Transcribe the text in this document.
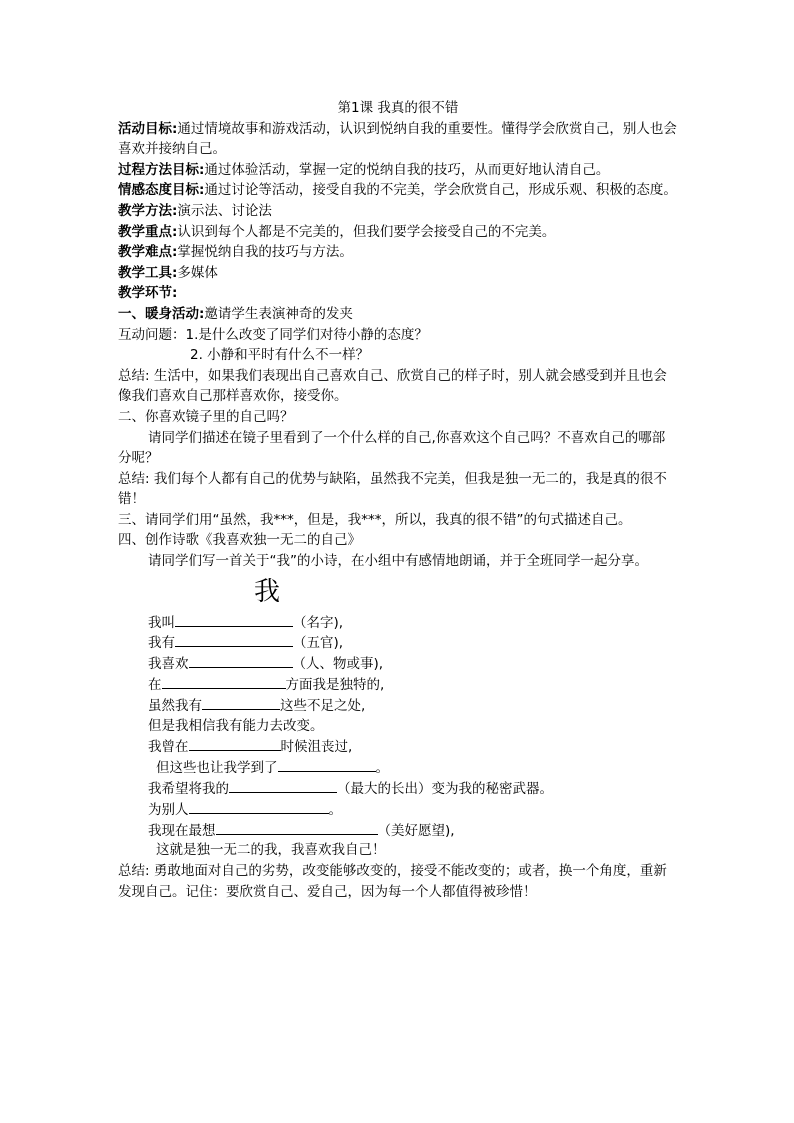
第1课 我真的很不错
活动目标:通过情境故事和游戏活动，认识到悦纳自我的重要性。懂得学会欣赏自己，别人也会喜欢并接纳自己。
过程方法目标:通过体验活动，掌握一定的悦纳自我的技巧，从而更好地认清自己。
情感态度目标:通过讨论等活动，接受自我的不完美，学会欣赏自己，形成乐观、积极的态度。
教学方法:演示法、讨论法
教学重点:认识到每个人都是不完美的，但我们要学会接受自己的不完美。
教学难点:掌握悦纳自我的技巧与方法。
教学工具:多媒体
教学环节:
一、暖身活动:邀请学生表演神奇的发夹
互动问题：1.是什么改变了同学们对待小静的态度？
2. 小静和平时有什么不一样？
总结: 生活中，如果我们表现出自己喜欢自己、欣赏自己的样子时，别人就会感受到并且也会像我们喜欢自己那样喜欢你，接受你。
二、你喜欢镜子里的自己吗？
请同学们描述在镜子里看到了一个什么样的自己,你喜欢这个自己吗？不喜欢自己的哪部分呢？
总结: 我们每个人都有自己的优势与缺陷，虽然我不完美，但我是独一无二的，我是真的很不错！
三、请同学们用“虽然，我***，但是，我***，所以，我真的很不错”的句式描述自己。
四、创作诗歌《我喜欢独一无二的自己》
请同学们写一首关于“我”的小诗，在小组中有感情地朗诵，并于全班同学一起分享。
我
我叫	（名字),
我有	（五官),
我喜欢	（人、物或事),
在	方面我是独特的,
虽然我有	这些不足之处,
但是我相信我有能力去改变。
我曾在	时候沮丧过,
但这些也让我学到了	。
我希望将我的	（最大的长出）变为我的秘密武器。
为别人	。
我现在最想	（美好愿望),
这就是独一无二的我，我喜欢我自己！
总结: 勇敢地面对自己的劣势，改变能够改变的，接受不能改变的；或者，换一个角度，重新发现自己。记住：要欣赏自己、爱自己，因为每一个人都值得被珍惜！
